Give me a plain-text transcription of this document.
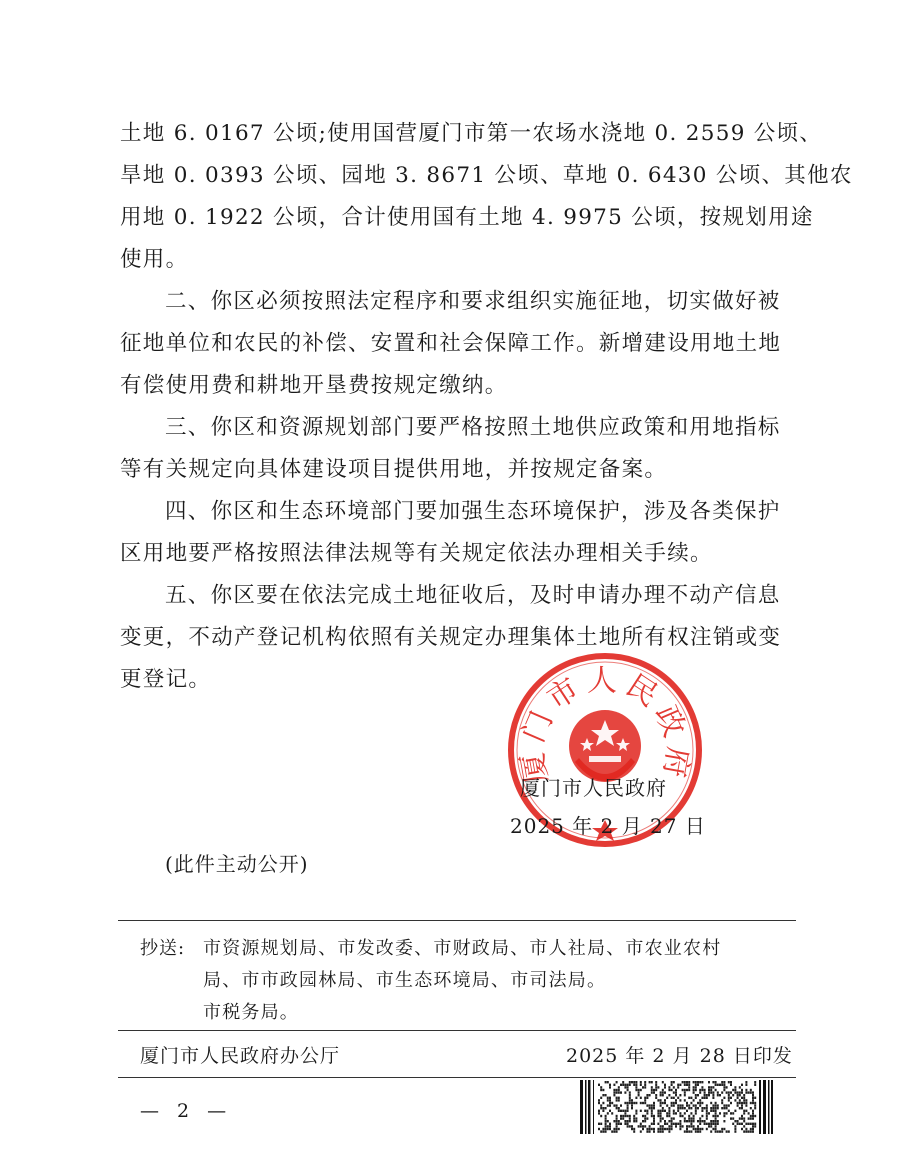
土地 6. 0167 公顷;使用国营厦门市第一农场水浇地 0. 2559 公顷、
旱地 0. 0393 公顷、园地 3. 8671 公顷、草地 0. 6430 公顷、其他农
用地 0. 1922 公顷，合计使用国有土地 4. 9975 公顷，按规划用途
使用。

二、你区必须按照法定程序和要求组织实施征地，切实做好被征地单位和农民的补偿、安置和社会保障工作。新增建设用地土地有偿使用费和耕地开垦费按规定缴纳。

三、你区和资源规划部门要严格按照土地供应政策和用地指标等有关规定向具体建设项目提供用地，并按规定备案。

四、你区和生态环境部门要加强生态环境保护，涉及各类保护区用地要严格按照法律法规等有关规定依法办理相关手续。

五、你区要在依法完成土地征收后，及时申请办理不动产信息变更，不动产登记机构依照有关规定办理集体土地所有权注销或变更登记。

厦门市人民政府
厦门市人民政府
2025 年 2 月 27 日
(此件主动公开)
抄送: 市资源规划局、市发改委、市财政局、市人社局、市农业农村
局、市市政园林局、市生态环境局、市司法局。
市税务局。
厦门市人民政府办公厅	2025 年 2 月 28 日印发
— 2 —
